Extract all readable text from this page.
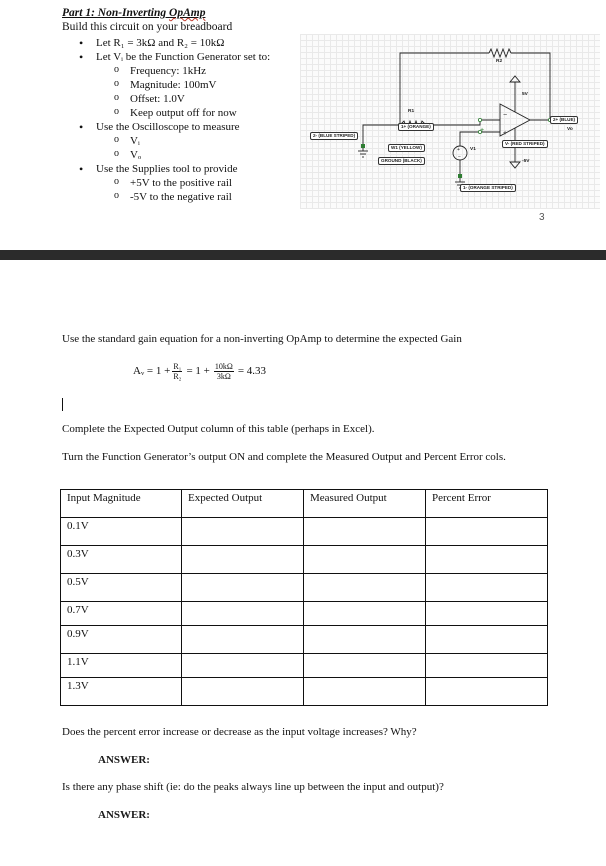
Part 1: Non-Inverting OpAmp
Build this circuit on your breadboard
• Let R₁ = 3kΩ and R₂ = 10kΩ
• Let Vᵢ be the Function Generator set to:
o Frequency: 1kHz
o Magnitude: 100mV
o Offset: 1.0V
o Keep output off for now
• Use the Oscilloscope to measure
o Vᵢ
o Vₒ
• Use the Supplies tool to provide
o +5V to the positive rail
o -5V to the negative rail
−
+
+
−
+
R2
R1
5V
-5V
V1
Vo
1+ (ORANGE)
2- (BLUE STRIPED)
W1 (YELLOW)
GROUND (BLACK)
V- (RED STRIPED)
1- (ORANGE STRIPED)
2+ (BLUE)
3
Use the standard gain equation for a non-inverting OpAmp to determine the expected Gain
Aᵥ = $1 + \frac{\text{R₁}}{\text{R₂}} = 1 + \frac{10k\Omega}{3k\Omega} = 4.33$
Complete the Expected Output column of this table (perhaps in Excel).
Turn the Function Generator’s output ON and complete the Measured Output and Percent Error cols.
Input Magnitude	Expected Output	Measured Output	Percent Error
0.1V			
0.3V			
0.5V			
0.7V			
0.9V			
1.1V			
1.3V			
Does the percent error increase or decrease as the input voltage increases? Why?
ANSWER:
Is there any phase shift (ie: do the peaks always line up between the input and output)?
ANSWER:
